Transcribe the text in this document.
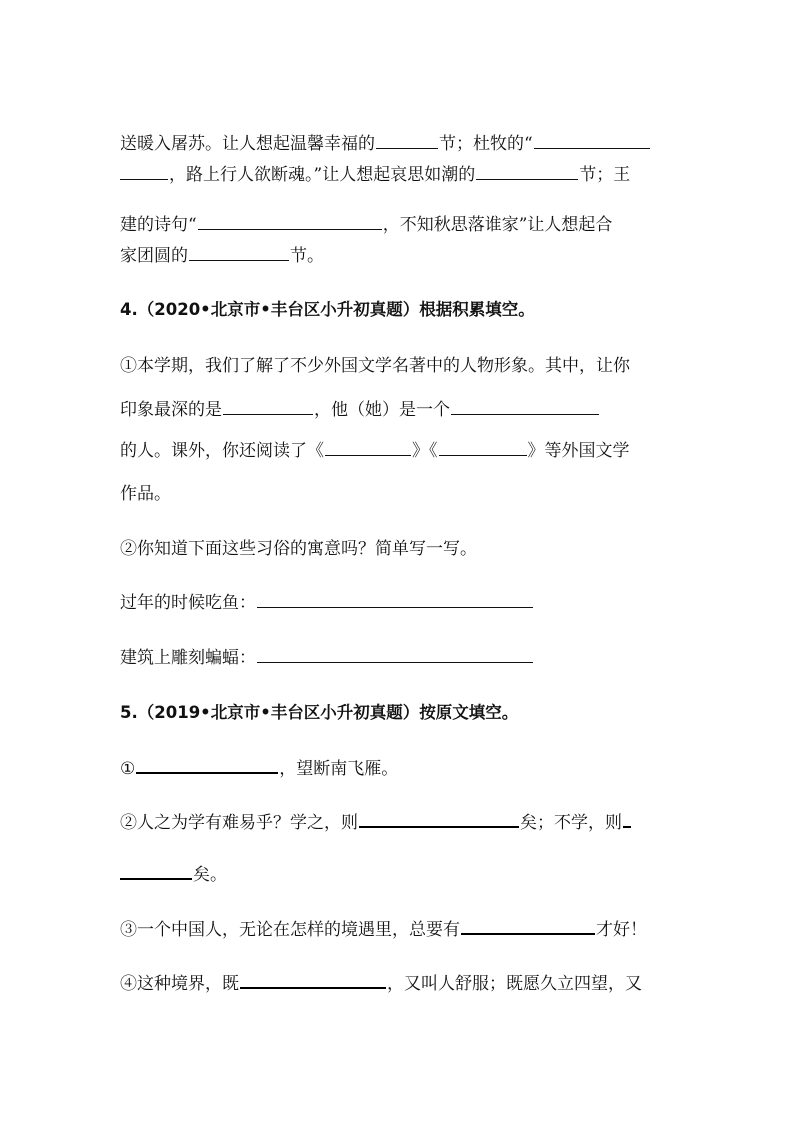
送暖入屠苏。让人想起温馨幸福的	节；杜牧的“
，路上行人欲断魂。”让人想起哀思如潮的	节；王
建的诗句“	，不知秋思落谁家”让人想起合
家团圆的	节。
4.（2020•北京市•丰台区小升初真题）根据积累填空。
①本学期，我们了解了不少外国文学名著中的人物形象。其中，让你
印象最深的是	，他（她）是一个
的人。课外，你还阅读了《	》《	》等外国文学
作品。
②你知道下面这些习俗的寓意吗？简单写一写。
过年的时候吃鱼：
建筑上雕刻蝙蝠：
5.（2019•北京市•丰台区小升初真题）按原文填空。
①	，望断南飞雁。
②人之为学有难易乎？学之，则	矣；不学，则
矣。
③一个中国人，无论在怎样的境遇里，总要有	才好！
④这种境界，既	，又叫人舒服；既愿久立四望，又
